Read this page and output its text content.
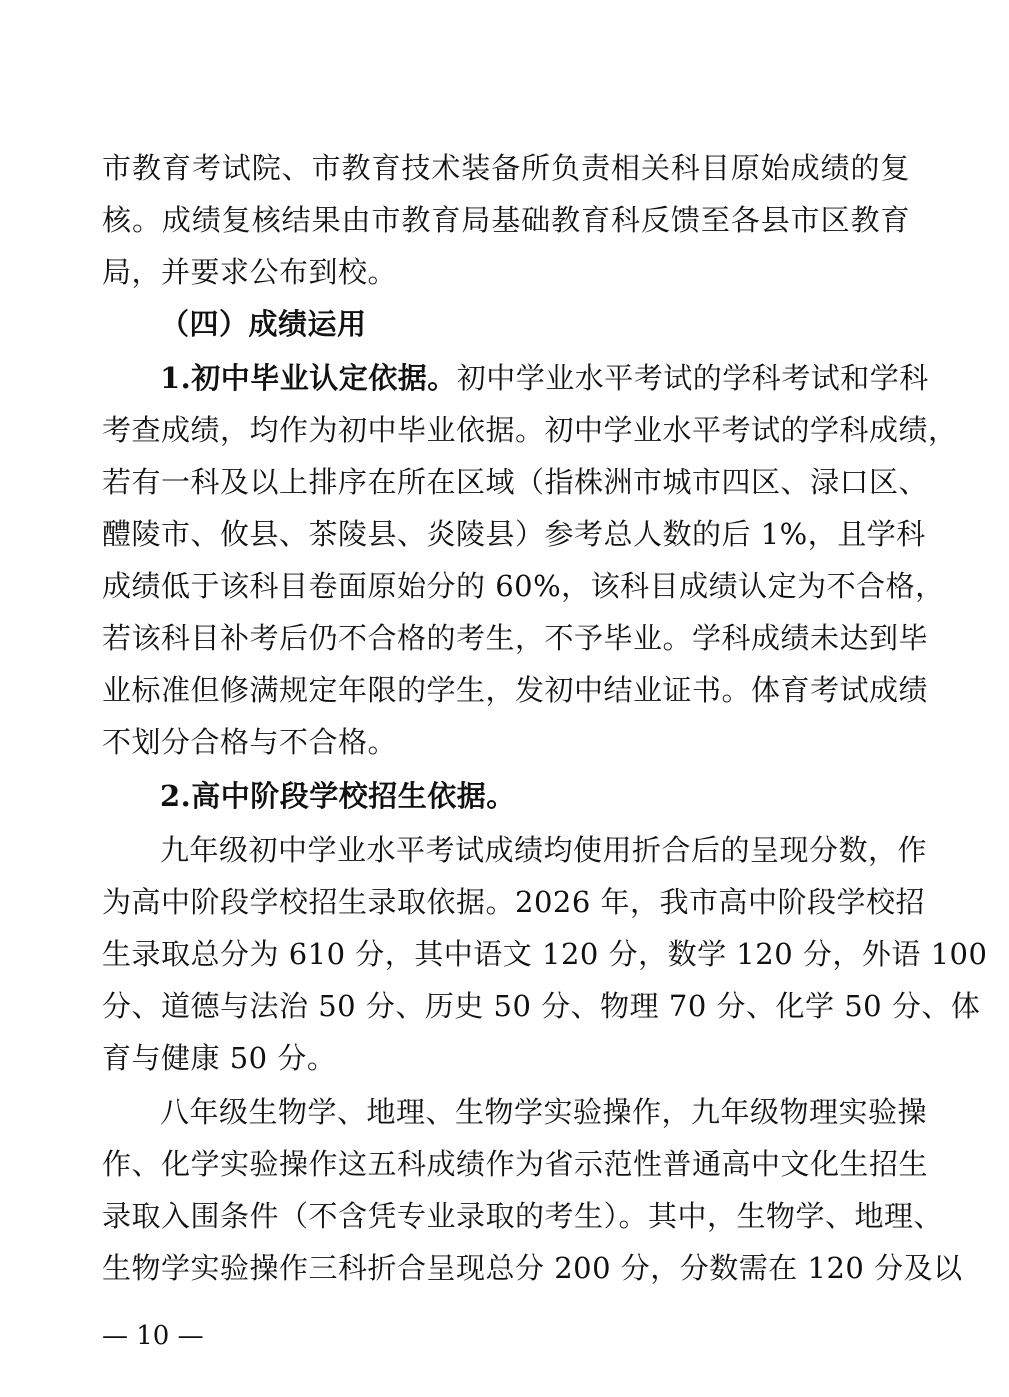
市教育考试院、市教育技术装备所负责相关科目原始成绩的复
核。成绩复核结果由市教育局基础教育科反馈至各县市区教育
局，并要求公布到校。
（四）成绩运用
1.初中毕业认定依据。初中学业水平考试的学科考试和学科
考查成绩，均作为初中毕业依据。初中学业水平考试的学科成绩，
若有一科及以上排序在所在区域（指株洲市城市四区、渌口区、
醴陵市、攸县、茶陵县、炎陵县）参考总人数的后 1%，且学科
成绩低于该科目卷面原始分的 60%，该科目成绩认定为不合格，
若该科目补考后仍不合格的考生，不予毕业。学科成绩未达到毕
业标准但修满规定年限的学生，发初中结业证书。体育考试成绩
不划分合格与不合格。
2.高中阶段学校招生依据。
九年级初中学业水平考试成绩均使用折合后的呈现分数，作
为高中阶段学校招生录取依据。2026 年，我市高中阶段学校招
生录取总分为 610 分，其中语文 120 分，数学 120 分，外语 100
分、道德与法治 50 分、历史 50 分、物理 70 分、化学 50 分、体
育与健康 50 分。
八年级生物学、地理、生物学实验操作，九年级物理实验操
作、化学实验操作这五科成绩作为省示范性普通高中文化生招生
录取入围条件（不含凭专业录取的考生）。其中，生物学、地理、
生物学实验操作三科折合呈现总分 200 分，分数需在 120 分及以
— 10 —
